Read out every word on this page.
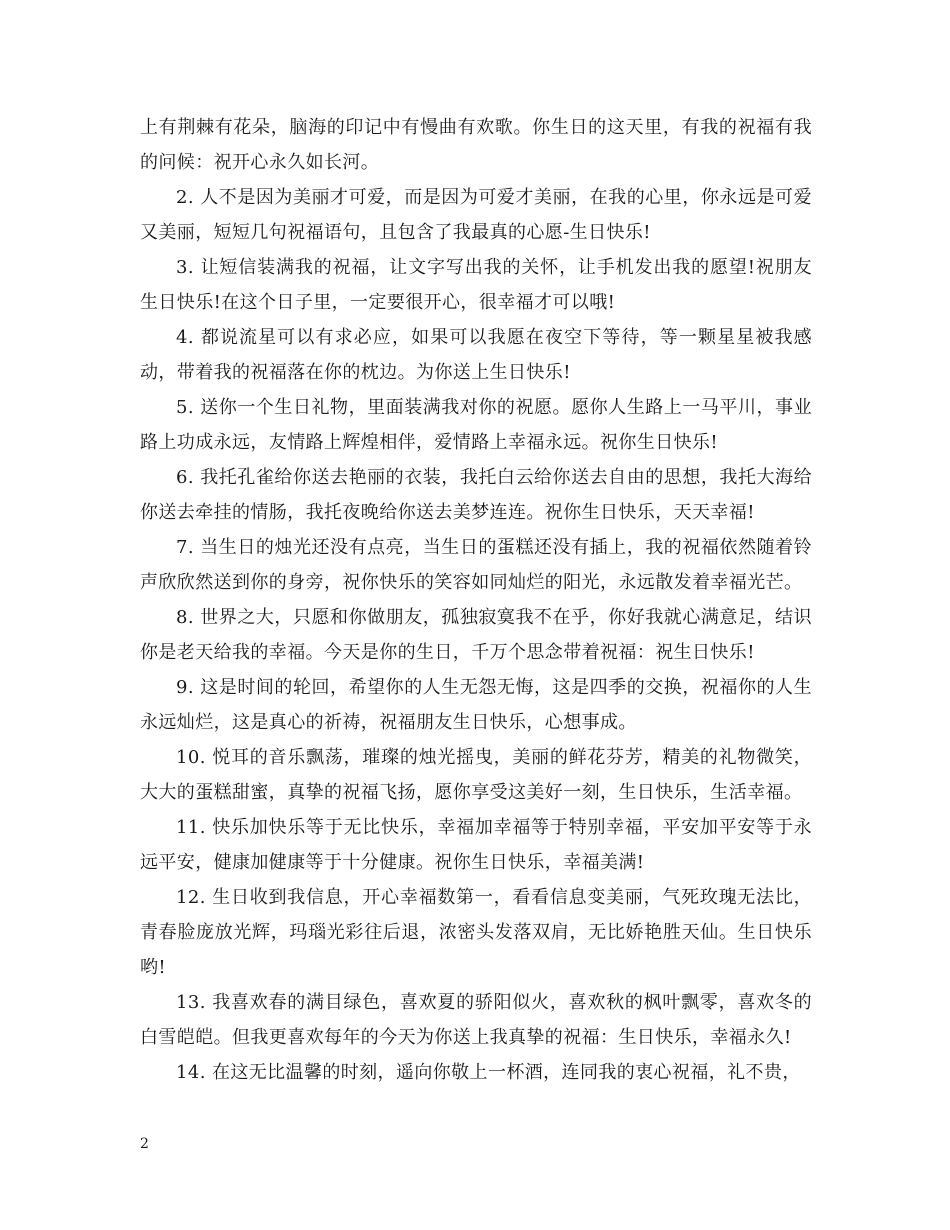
上有荆棘有花朵，脑海的印记中有慢曲有欢歌。你生日的这天里，有我的祝福有我的问候：祝开心永久如长河。

2. 人不是因为美丽才可爱，而是因为可爱才美丽，在我的心里，你永远是可爱又美丽，短短几句祝福语句，且包含了我最真的心愿-生日快乐!

3. 让短信装满我的祝福，让文字写出我的关怀，让手机发出我的愿望!祝朋友生日快乐!在这个日子里，一定要很开心，很幸福才可以哦!

4. 都说流星可以有求必应，如果可以我愿在夜空下等待，等一颗星星被我感动，带着我的祝福落在你的枕边。为你送上生日快乐!

5. 送你一个生日礼物，里面装满我对你的祝愿。愿你人生路上一马平川，事业路上功成永远，友情路上辉煌相伴，爱情路上幸福永远。祝你生日快乐!

6. 我托孔雀给你送去艳丽的衣装，我托白云给你送去自由的思想，我托大海给你送去牵挂的情肠，我托夜晚给你送去美梦连连。祝你生日快乐，天天幸福!

7. 当生日的烛光还没有点亮，当生日的蛋糕还没有插上，我的祝福依然随着铃声欣欣然送到你的身旁，祝你快乐的笑容如同灿烂的阳光，永远散发着幸福光芒。

8. 世界之大，只愿和你做朋友，孤独寂寞我不在乎，你好我就心满意足，结识你是老天给我的幸福。今天是你的生日，千万个思念带着祝福：祝生日快乐!

9. 这是时间的轮回，希望你的人生无怨无悔，这是四季的交换，祝福你的人生永远灿烂，这是真心的祈祷，祝福朋友生日快乐，心想事成。

10. 悦耳的音乐飘荡，璀璨的烛光摇曳，美丽的鲜花芬芳，精美的礼物微笑，大大的蛋糕甜蜜，真挚的祝福飞扬，愿你享受这美好一刻，生日快乐，生活幸福。

11. 快乐加快乐等于无比快乐，幸福加幸福等于特别幸福，平安加平安等于永远平安，健康加健康等于十分健康。祝你生日快乐，幸福美满!

12. 生日收到我信息，开心幸福数第一，看看信息变美丽，气死玫瑰无法比，青春脸庞放光辉，玛瑙光彩往后退，浓密头发落双肩，无比娇艳胜天仙。生日快乐哟!

13. 我喜欢春的满目绿色，喜欢夏的骄阳似火，喜欢秋的枫叶飘零，喜欢冬的白雪皑皑。但我更喜欢每年的今天为你送上我真挚的祝福：生日快乐，幸福永久!

14. 在这无比温馨的时刻，遥向你敬上一杯酒，连同我的衷心祝福，礼不贵，

2
